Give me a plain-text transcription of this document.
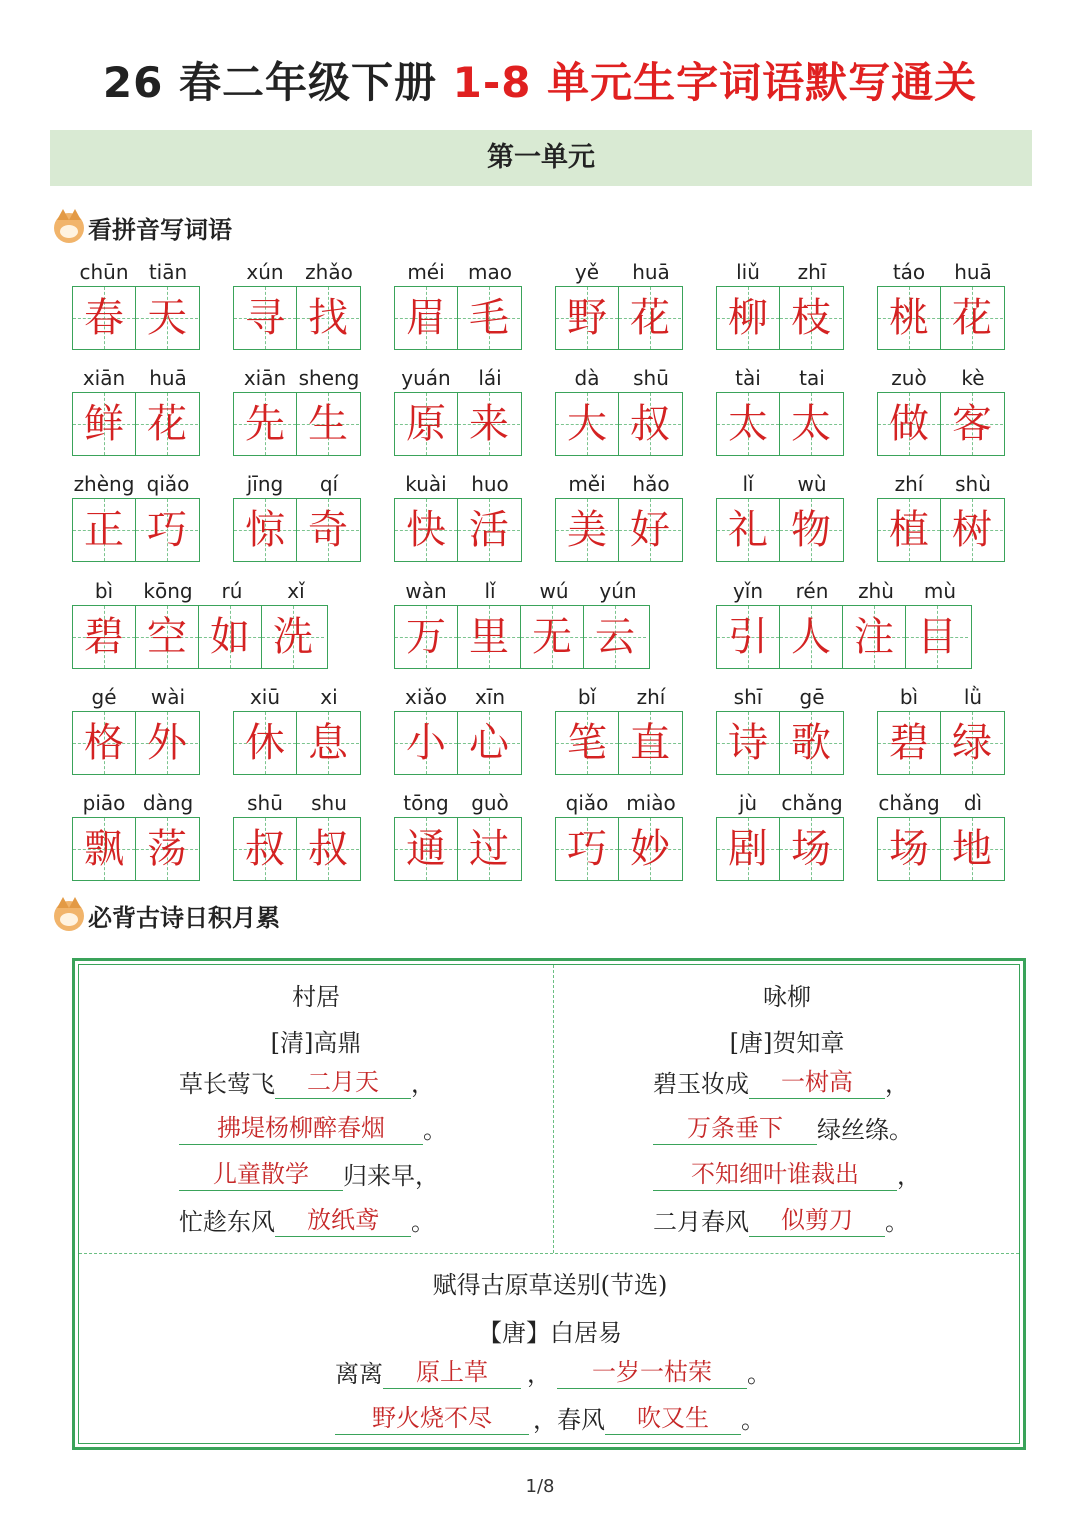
26 春二年级下册 1-8 单元生字词语默写通关
第一单元
看拼音写词语
chūn	tiān
春 天
xún	zhǎo
寻 找
méi	mao
眉 毛
yě	huā
野 花
liǔ	zhī
柳 枝
táo	huā
桃 花
xiān	huā
鲜 花
xiān sheng
先 生
yuán	lái
原 来
dà	shū
大 叔
tài	tai
太 太
zuò	kè
做 客
zhèng qiǎo
正 巧
jīng	qí
惊 奇
kuài	huo
快 活
měi	hǎo
美 好
lǐ	wù
礼 物
zhí	shù
植 树
bì	kōng	rú	xǐ
碧 空 如 洗
wàn	lǐ	wú	yún
万 里 无 云
yǐn	rén	zhù	mù
引 人 注 目
gé	wài
格 外
xiū	xi
休 息
xiǎo	xīn
小 心
bǐ	zhí
笔 直
shī	gē
诗 歌
bì	lǜ
碧 绿
piāo dàng
飘 荡
shū	shu
叔 叔
tōng	guò
通 过
qiǎo miào
巧 妙
jù	chǎng
剧 场
chǎng	dì
场 地
必背古诗日积月累
村居
[清]高鼎
草长莺飞	二月天	，
拂堤杨柳醉春烟	。
儿童散学	归来早，
忙趁东风	放纸鸢	。
咏柳
[唐]贺知章
碧玉妆成	一树高	，
万条垂下	绿丝绦。
不知细叶谁裁出	，
二月春风	似剪刀	。
赋得古原草送别(节选)
【唐】白居易
离离	原上草	，	一岁一枯荣	。
野火烧不尽	，春风	吹又生	。
1/8
